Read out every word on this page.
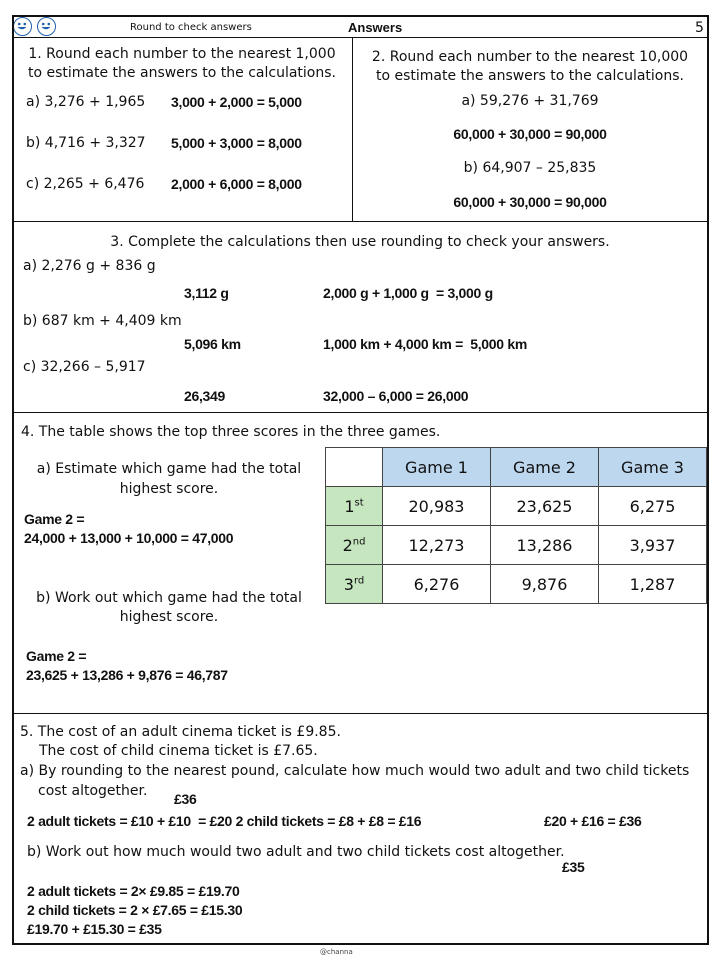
Round to check answers	Answers	5
1. Round each number to the nearest 1,000
to estimate the answers to the calculations.
a) 3,276 + 1,965 3,000 + 2,000 = 5,000
b) 4,716 + 3,327 5,000 + 3,000 = 8,000
c) 2,265 + 6,476 2,000 + 6,000 = 8,000
2. Round each number to the nearest 10,000
to estimate the answers to the calculations.
a) 59,276 + 31,769
60,000 + 30,000 = 90,000
b) 64,907 – 25,835
60,000 + 30,000 = 90,000
3. Complete the calculations then use rounding to check your answers.
a) 2,276 g + 836 g
3,112 g	2,000 g + 1,000 g  = 3,000 g
b) 687 km + 4,409 km
5,096 km	1,000 km + 4,000 km =  5,000 km
c) 32,266 – 5,917
26,349	32,000 – 6,000 = 26,000
4. The table shows the top three scores in the three games.
a) Estimate which game had the total
highest score.
Game 2 =
24,000 + 13,000 + 10,000 = 47,000
b) Work out which game had the total
highest score.
Game 2 =
23,625 + 13,286 + 9,876 = 46,787
	Game 1	Game 2	Game 3
1st	20,983	23,625	6,275
2nd	12,273	13,286	3,937
3rd	6,276	9,876	1,287
5. The cost of an adult cinema ticket is £9.85.
The cost of child cinema ticket is £7.65.
a) By rounding to the nearest pound, calculate how much would two adult and two child tickets
cost altogether. £36
2 adult tickets = £10 + £10  = £20 2 child tickets = £8 + £8 = £16	£20 + £16 = £36
b) Work out how much would two adult and two child tickets cost altogether.
£35
2 adult tickets = 2× £9.85 = £19.70
2 child tickets = 2 × £7.65 = £15.30
£19.70 + £15.30 = £35
@channa
